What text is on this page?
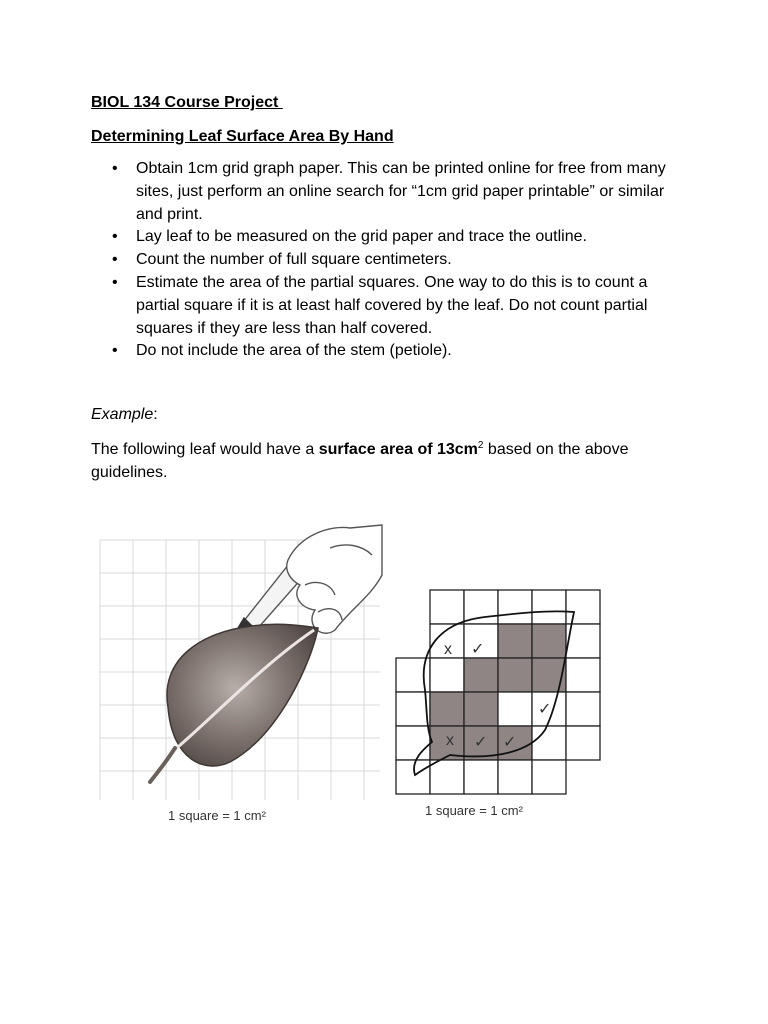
BIOL 134 Course Project
Determining Leaf Surface Area By Hand
• Obtain 1cm grid graph paper. This can be printed online for free from many sites, just perform an online search for “1cm grid paper printable” or similar and print.
• Lay leaf to be measured on the grid paper and trace the outline.
• Count the number of full square centimeters.
• Estimate the area of the partial squares. One way to do this is to count a partial square if it is at least half covered by the leaf. Do not count partial squares if they are less than half covered.
• Do not include the area of the stem (petiole).
Example:
The following leaf would have a surface area of $13cm^2$ based on the above guidelines.
x ✓
x ✓ ✓
✓
1 square = 1 cm²	1 square = 1 cm²
